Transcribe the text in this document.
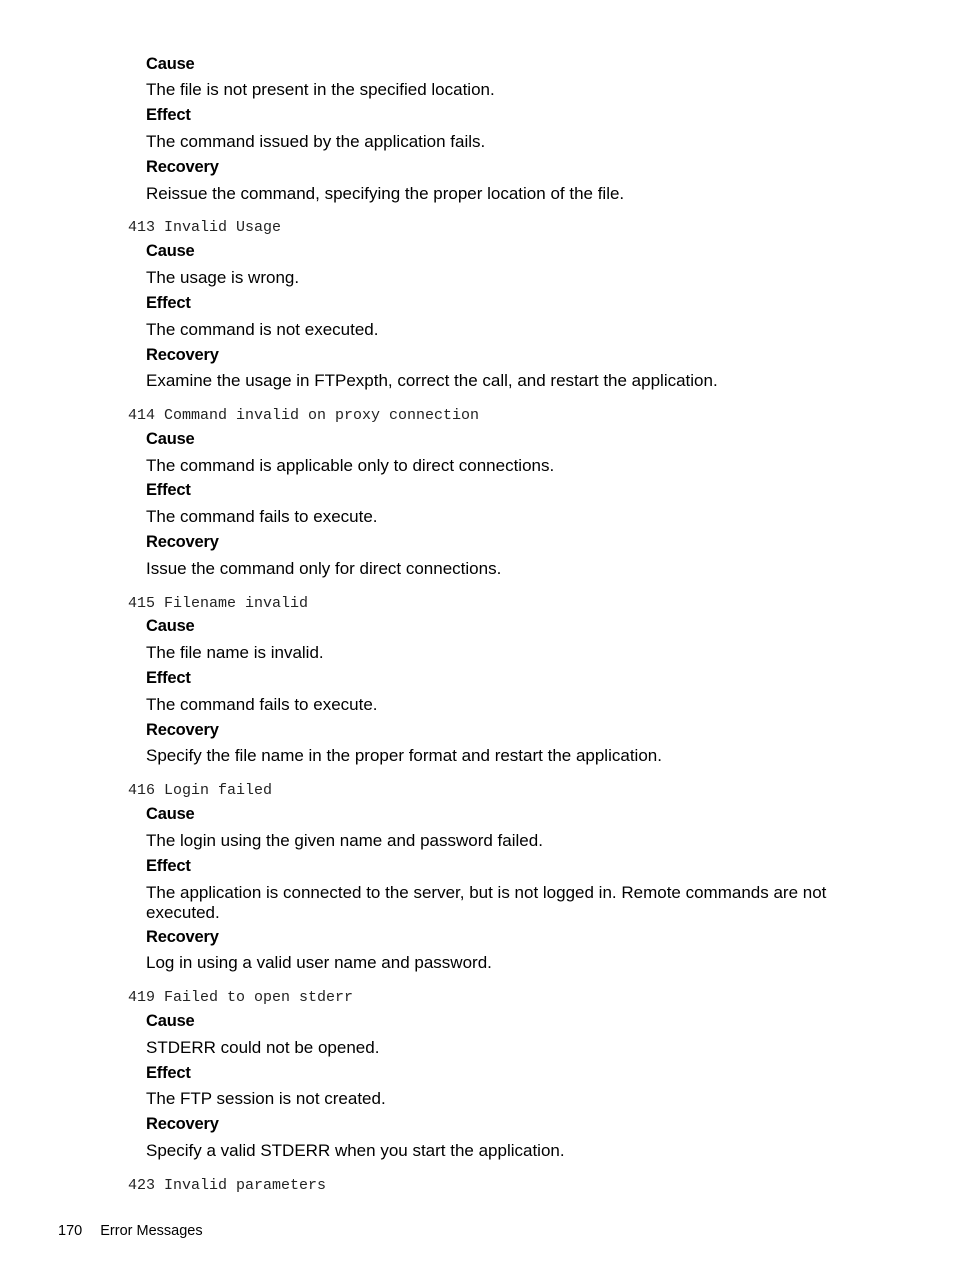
Cause
The file is not present in the specified location.
Effect
The command issued by the application fails.
Recovery
Reissue the command, specifying the proper location of the file.
413 Invalid Usage
Cause
The usage is wrong.
Effect
The command is not executed.
Recovery
Examine the usage in FTPexpth, correct the call, and restart the application.
414 Command invalid on proxy connection
Cause
The command is applicable only to direct connections.
Effect
The command fails to execute.
Recovery
Issue the command only for direct connections.
415 Filename invalid
Cause
The file name is invalid.
Effect
The command fails to execute.
Recovery
Specify the file name in the proper format and restart the application.
416 Login failed
Cause
The login using the given name and password failed.
Effect
The application is connected to the server, but is not logged in. Remote commands are not executed.
Recovery
Log in using a valid user name and password.
419 Failed to open stderr
Cause
STDERR could not be opened.
Effect
The FTP session is not created.
Recovery
Specify a valid STDERR when you start the application.
423 Invalid parameters
170 Error Messages
